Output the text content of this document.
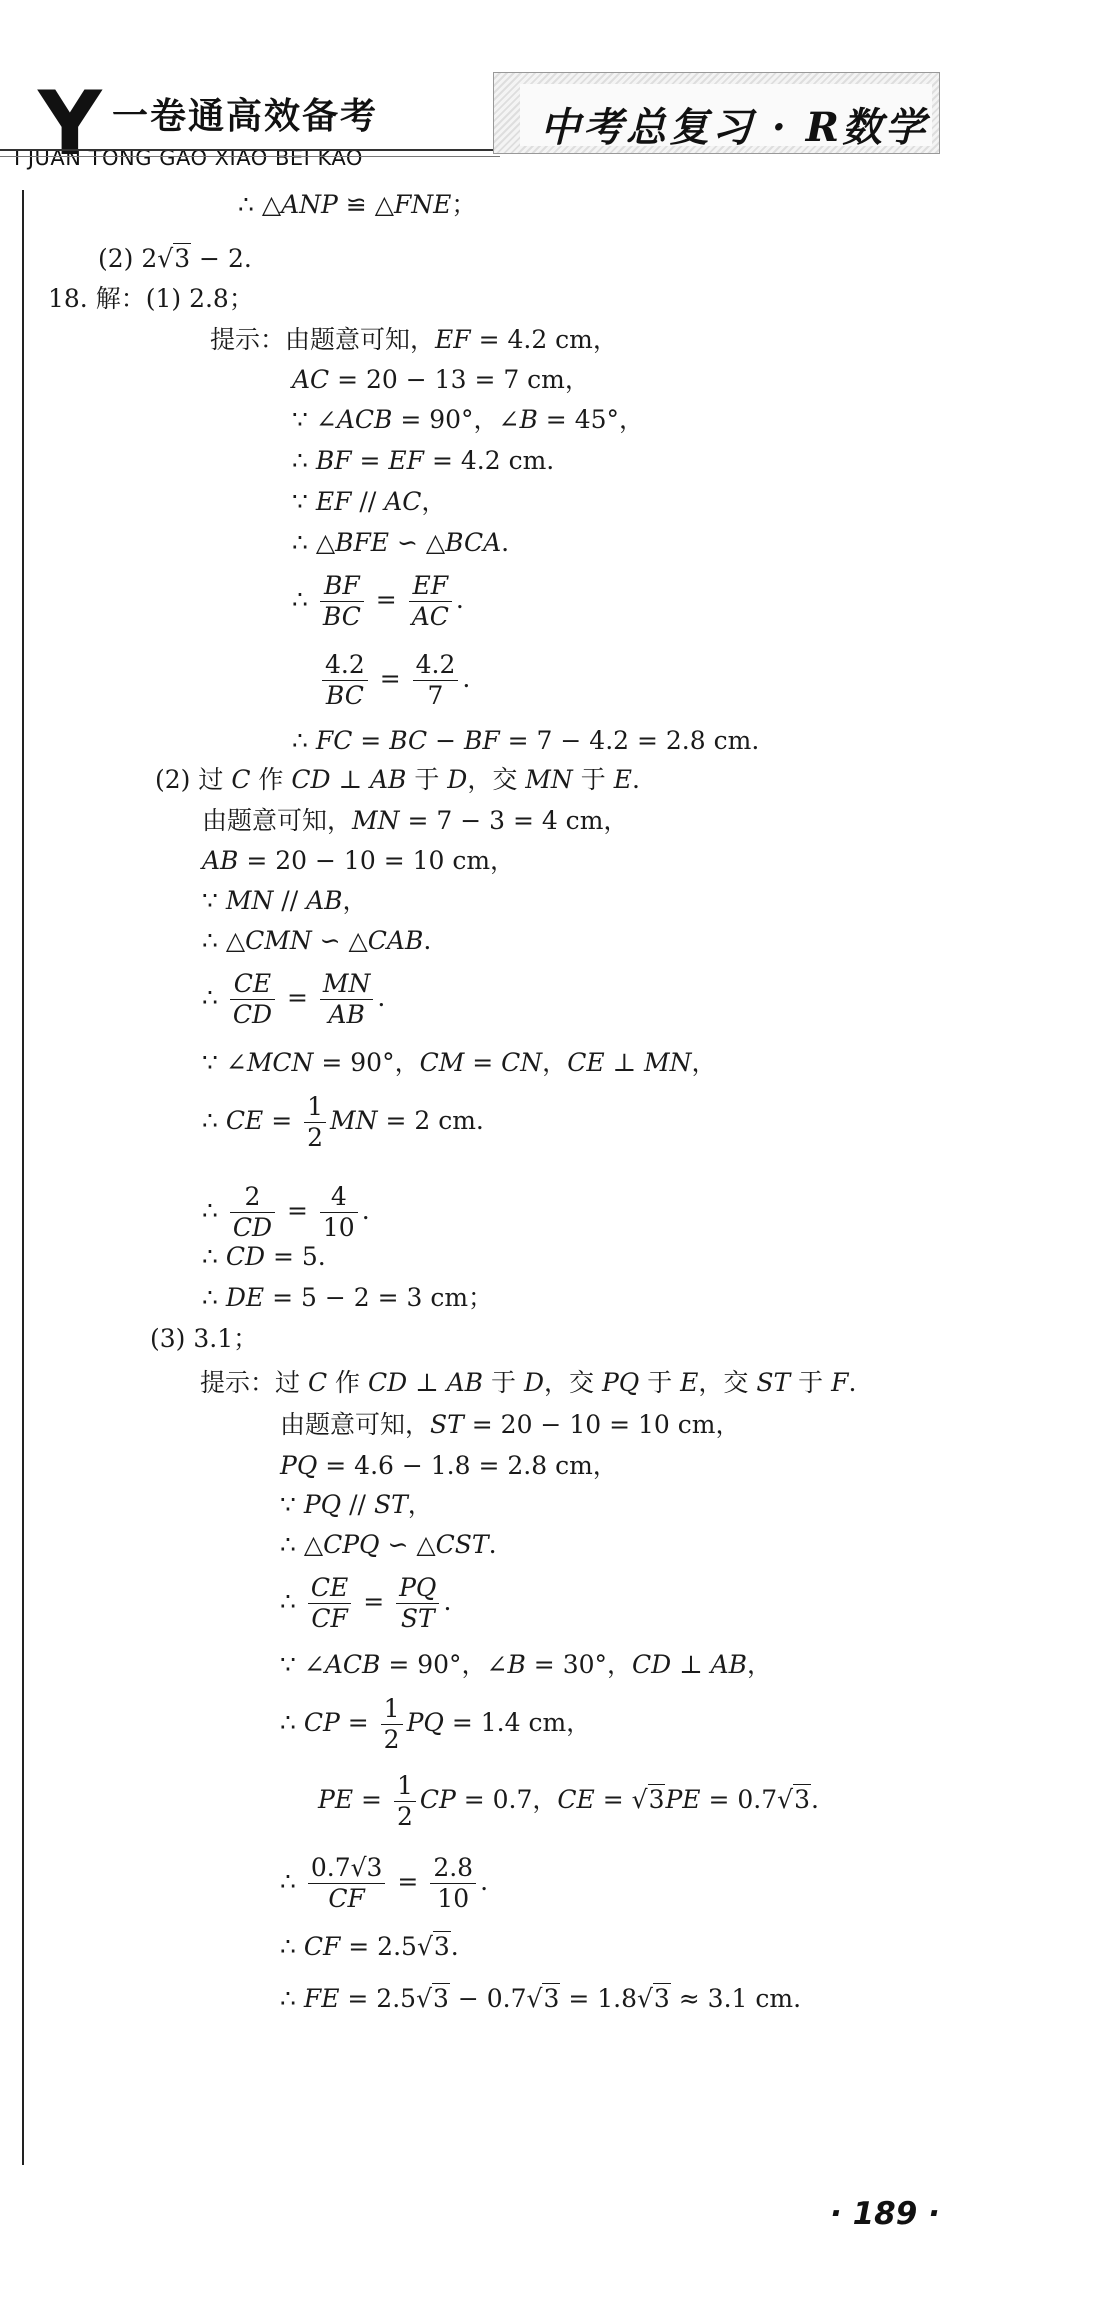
Y 一卷通高效备考
I JUAN TONG GAO XIAO BEI KAO
中考总复习 · R数学
∴ △ANP ≌ △FNE；
(2) 2√3 − 2.
18. 解：(1) 2.8；
提示：由题意可知，EF = 4.2 cm，
AC = 20 − 13 = 7 cm，
∵ ∠ACB = 90°，∠B = 45°，
∴ BF = EF = 4.2 cm.
∵ EF // AC，
∴ △BFE ∽ △BCA.
∴ $\frac{BF}{BC} = \frac{EF}{AC}$ .
$\frac{4.2}{BC} = \frac{4.2}{7}$ .
∴ FC = BC − BF = 7 − 4.2 = 2.8 cm.
(2) 过 C 作 CD ⊥ AB 于 D，交 MN 于 E.
由题意可知，MN = 7 − 3 = 4 cm，
AB = 20 − 10 = 10 cm，
∵ MN // AB，
∴ △CMN ∽ △CAB.
∴ $\frac{CE}{CD} = \frac{MN}{AB}$ .
∵ ∠MCN = 90°，CM = CN，CE ⊥ MN，
∴ CE = $\frac{1}{2}$ MN = 2 cm.
∴ $\frac{2}{CD} = \frac{4}{10}$ .
∴ CD = 5.
∴ DE = 5 − 2 = 3 cm；
(3) 3.1；
提示：过 C 作 CD ⊥ AB 于 D，交 PQ 于 E，交 ST 于 F.
由题意可知，ST = 20 − 10 = 10 cm，
PQ = 4.6 − 1.8 = 2.8 cm，
∵ PQ // ST，
∴ △CPQ ∽ △CST.
∴ $\frac{CE}{CF} = \frac{PQ}{ST}$ .
∵ ∠ACB = 90°，∠B = 30°，CD ⊥ AB，
∴ CP = $\frac{1}{2}$ PQ = 1.4 cm，
PE = $\frac{1}{2}$ CP = 0.7，CE = √3PE = 0.7√3.
∴ $\frac{0.7√3}{CF} = \frac{2.8}{10}$ .
∴ CF = 2.5√3.
∴ FE = 2.5√3 − 0.7√3 = 1.8√3 ≈ 3.1 cm.
· 189 ·
